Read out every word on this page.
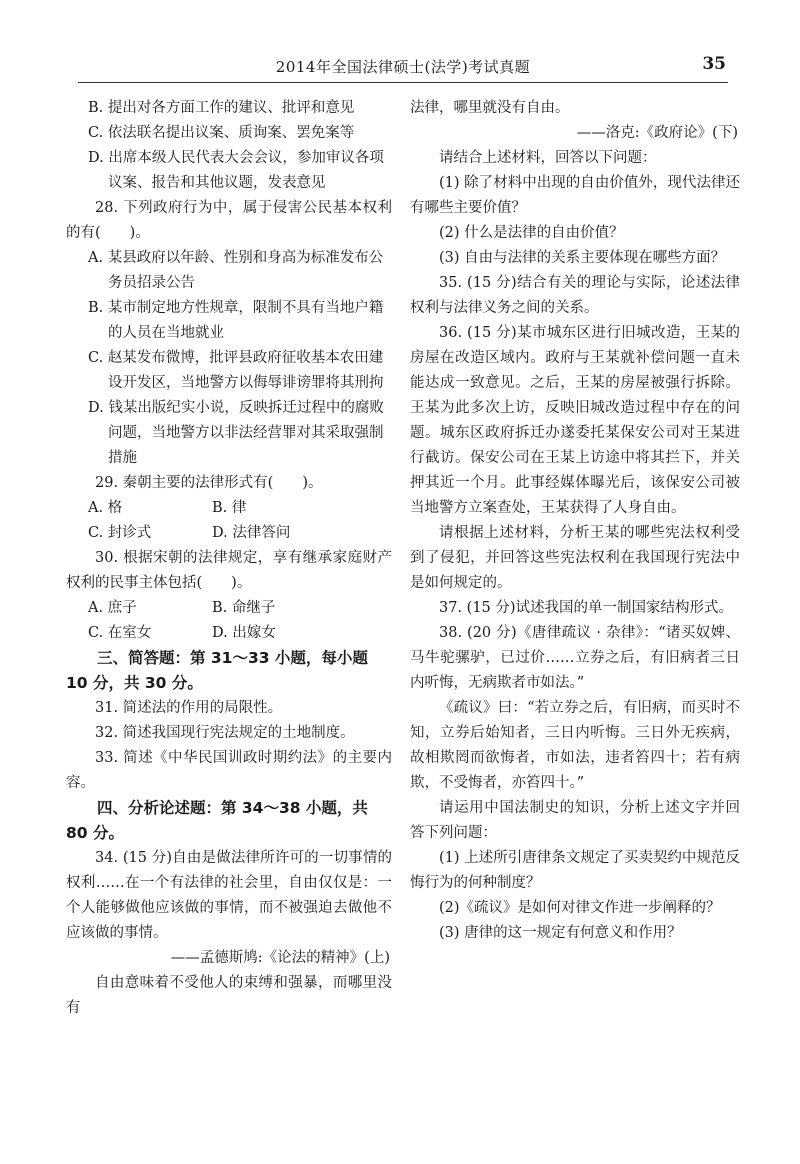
2014年全国法律硕士(法学)考试真题	35

B. 提出对各方面工作的建议、批评和意见

C. 依法联名提出议案、质询案、罢免案等

D. 出席本级人民代表大会会议，参加审议各项议案、报告和其他议题，发表意见

28. 下列政府行为中，属于侵害公民基本权利的有(　　)。

A. 某县政府以年龄、性别和身高为标准发布公务员招录公告

B. 某市制定地方性规章，限制不具有当地户籍的人员在当地就业

C. 赵某发布微博，批评县政府征收基本农田建设开发区，当地警方以侮辱诽谤罪将其刑拘

D. 钱某出版纪实小说，反映拆迁过程中的腐败问题，当地警方以非法经营罪对其采取强制措施

29. 秦朝主要的法律形式有(　　)。

A. 格	B. 律
C. 封诊式	D. 法律答问

30. 根据宋朝的法律规定，享有继承家庭财产权利的民事主体包括(　　)。

A. 庶子	B. 命继子
C. 在室女	D. 出嫁女

三、简答题：第 31～33 小题，每小题 10 分，共 30 分。

31. 简述法的作用的局限性。

32. 简述我国现行宪法规定的土地制度。

33. 简述《中华民国训政时期约法》的主要内容。

四、分析论述题：第 34～38 小题，共 80 分。

34. (15 分)自由是做法律所许可的一切事情的权利……在一个有法律的社会里，自由仅仅是：一个人能够做他应该做的事情，而不被强迫去做他不应该做的事情。

——孟德斯鸠:《论法的精神》(上)

自由意味着不受他人的束缚和强暴，而哪里没有

法律，哪里就没有自由。

——洛克:《政府论》(下)

请结合上述材料，回答以下问题：

(1) 除了材料中出现的自由价值外，现代法律还有哪些主要价值？

(2) 什么是法律的自由价值？

(3) 自由与法律的关系主要体现在哪些方面？

35. (15 分)结合有关的理论与实际，论述法律权利与法律义务之间的关系。

36. (15 分)某市城东区进行旧城改造，王某的房屋在改造区域内。政府与王某就补偿问题一直未能达成一致意见。之后，王某的房屋被强行拆除。王某为此多次上访，反映旧城改造过程中存在的问题。城东区政府拆迁办遂委托某保安公司对王某进行截访。保安公司在王某上访途中将其拦下，并关押其近一个月。此事经媒体曝光后，该保安公司被当地警方立案查处，王某获得了人身自由。

请根据上述材料，分析王某的哪些宪法权利受到了侵犯，并回答这些宪法权利在我国现行宪法中是如何规定的。

37. (15 分)试述我国的单一制国家结构形式。

38. (20 分)《唐律疏议 · 杂律》：“诸买奴婢、马牛驼骡驴，已过价……立券之后，有旧病者三日内听悔，无病欺者市如法。”

《疏议》曰：“若立券之后，有旧病，而买时不知，立券后始知者，三日内听悔。三日外无疾病，故相欺罔而欲悔者，市如法，违者笞四十；若有病欺，不受悔者，亦笞四十。”

请运用中国法制史的知识，分析上述文字并回答下列问题：

(1) 上述所引唐律条文规定了买卖契约中规范反悔行为的何种制度？

(2)《疏议》是如何对律文作进一步阐释的？

(3) 唐律的这一规定有何意义和作用？
